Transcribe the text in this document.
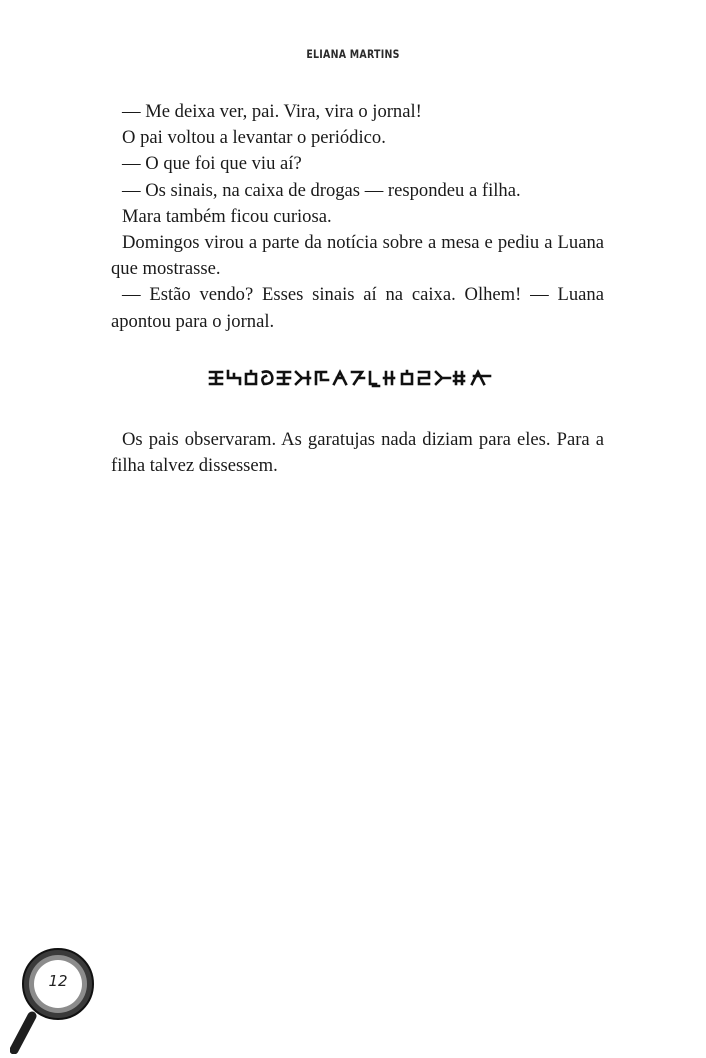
ELIANA MARTINS

— Me deixa ver, pai. Vira, vira o jornal!

O pai voltou a levantar o periódico.

— O que foi que viu aí?

— Os sinais, na caixa de drogas — respondeu a filha.

Mara também ficou curiosa.

Domingos virou a parte da notícia sobre a mesa e pediu a Luana que mostrasse.

— Estão vendo? Esses sinais aí na caixa. Olhem! — Luana apontou para o jornal.

Os pais observaram. As garatujas nada diziam para eles. Para a filha talvez dissessem.

12
